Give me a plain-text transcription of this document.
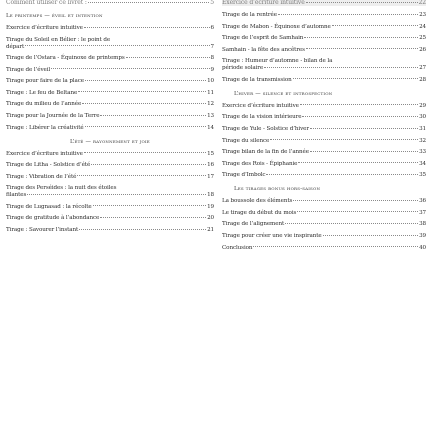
Comment utiliser ce livret :	5
Le printemps — éveil et intention
Exercice d’écriture intuitive	6
Tirage du Soleil en Bélier : le point de
départ	7
Tirage de l’Ostara - Équinoxe de printemps	8
Tirage de l’éveil	9
Tirage pour faire de la place	10
Tirage : Le feu de Beltane	11
Tirage du milieu de l’année	12
Tirage pour la Journée de la Terre	13
Tirage : Libérer la créativité	14
L’été — rayonnement et joie
Exercice d’écriture intuitive	15
Tirage de Litha - Solstice d’été	16
Tirage : Vibration de l’été	17
Tirage des Perséides : la nuit des étoiles
filantes	18
Tirage de Lugnasad : la récolte	19
Tirage de gratitude à l’abondance	20
Tirage : Savourer l’instant	21
Exercice d’écriture intuitive	22
Tirage de la rentrée	23
Tirage de Mabon - Équinoxe d’automne	24
Tirage de l’esprit de Samhain	25
Samhain - la fête des ancêtres	26
Tirage : Humeur d’automne - bilan de la
période solaire	27
Tirage de la transmission	28
L’hiver — silence et introspection
Exercice d’écriture intuitive	29
Tirage de la vision intérieure	30
Tirage de Yule - Solstice d’hiver	31
Tirage du silence	32
Tirage bilan de la fin de l’année	33
Tirage des Rois - Épiphanie	34
Tirage d’Imbolc	35
Les tirages bonus hors-saison
La boussole des éléments	36
Le tirage du début du mois	37
Tirage de l’alignement	38
Tirage pour créer une vie inspirante	39
Conclusion	40
